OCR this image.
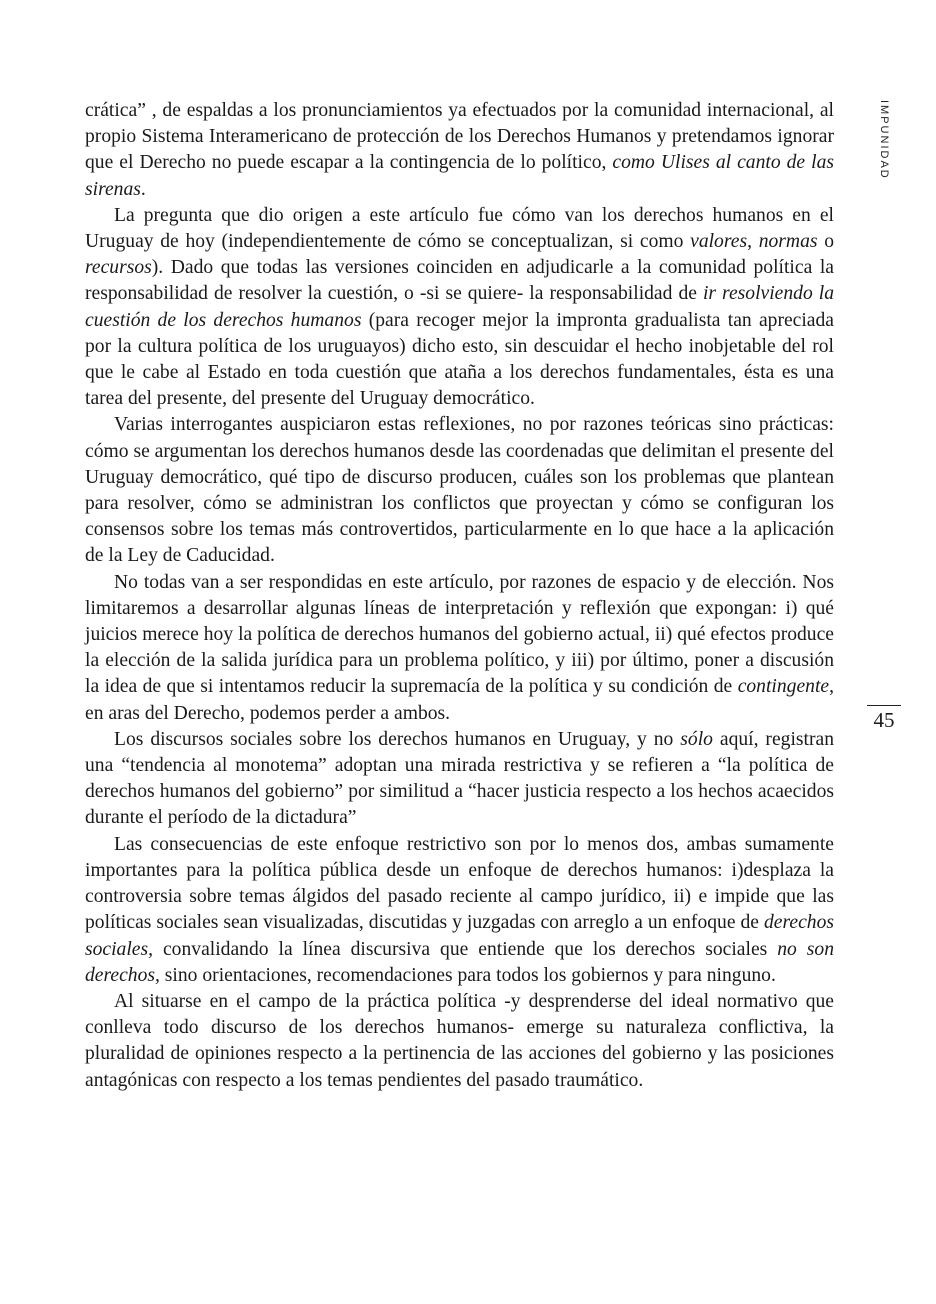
IMPUNIDAD
45

crática” , de espaldas a los pronunciamientos ya efectuados por la comunidad internacional, al propio Sistema Interamericano de protección de los Derechos Humanos y pretendamos ignorar que el Derecho no puede escapar a la contingencia de lo político, como Ulises al canto de las sirenas.

La pregunta que dio origen a este artículo fue cómo van los derechos humanos en el Uruguay de hoy (independientemente de cómo se conceptualizan, si como valores, normas o recursos). Dado que todas las versiones coinciden en adjudicarle a la comunidad política la responsabilidad de resolver la cuestión, o -si se quiere- la responsabilidad de ir resolviendo la cuestión de los derechos humanos (para recoger mejor la impronta gradualista tan apreciada por la cultura política de los uruguayos) dicho esto, sin descuidar el hecho inobjetable del rol que le cabe al Estado en toda cuestión que ataña a los derechos fundamentales, ésta es una tarea del presente, del presente del Uruguay democrático.

Varias interrogantes auspiciaron estas reflexiones, no por razones teóricas sino prácticas: cómo se argumentan los derechos humanos desde las coordenadas que delimitan el presente del Uruguay democrático, qué tipo de discurso producen, cuáles son los problemas que plantean para resolver, cómo se administran los conflictos que proyectan y cómo se configuran los consensos sobre los temas más controvertidos, particularmente en lo que hace a la aplicación de la Ley de Caducidad.

No todas van a ser respondidas en este artículo, por razones de espacio y de elección. Nos limitaremos a desarrollar algunas líneas de interpretación y reflexión que expongan: i) qué juicios merece hoy la política de derechos humanos del gobierno actual, ii) qué efectos produce la elección de la salida jurídica para un problema político, y iii) por último, poner a discusión la idea de que si intentamos reducir la supremacía de la política y su condición de contingente, en aras del Derecho, podemos perder a ambos.

Los discursos sociales sobre los derechos humanos en Uruguay, y no sólo aquí, registran una “tendencia al monotema” adoptan una mirada restrictiva y se refieren a “la política de derechos humanos del gobierno” por similitud a “hacer justicia respecto a los hechos acaecidos durante el período de la dictadura”

Las consecuencias de este enfoque restrictivo son por lo menos dos, ambas sumamente importantes para la política pública desde un enfoque de derechos humanos: i)desplaza la controversia sobre temas álgidos del pasado reciente al campo jurídico, ii) e impide que las políticas sociales sean visualizadas, discutidas y juzgadas con arreglo a un enfoque de derechos sociales, convalidando la línea discursiva que entiende que los derechos sociales no son derechos, sino orientaciones, recomendaciones para todos los gobiernos y para ninguno.

Al situarse en el campo de la práctica política -y desprenderse del ideal normativo que conlleva todo discurso de los derechos humanos- emerge su naturaleza conflictiva, la pluralidad de opiniones respecto a la pertinencia de las acciones del gobierno y las posiciones antagónicas con respecto a los temas pendientes del pasado traumático.
